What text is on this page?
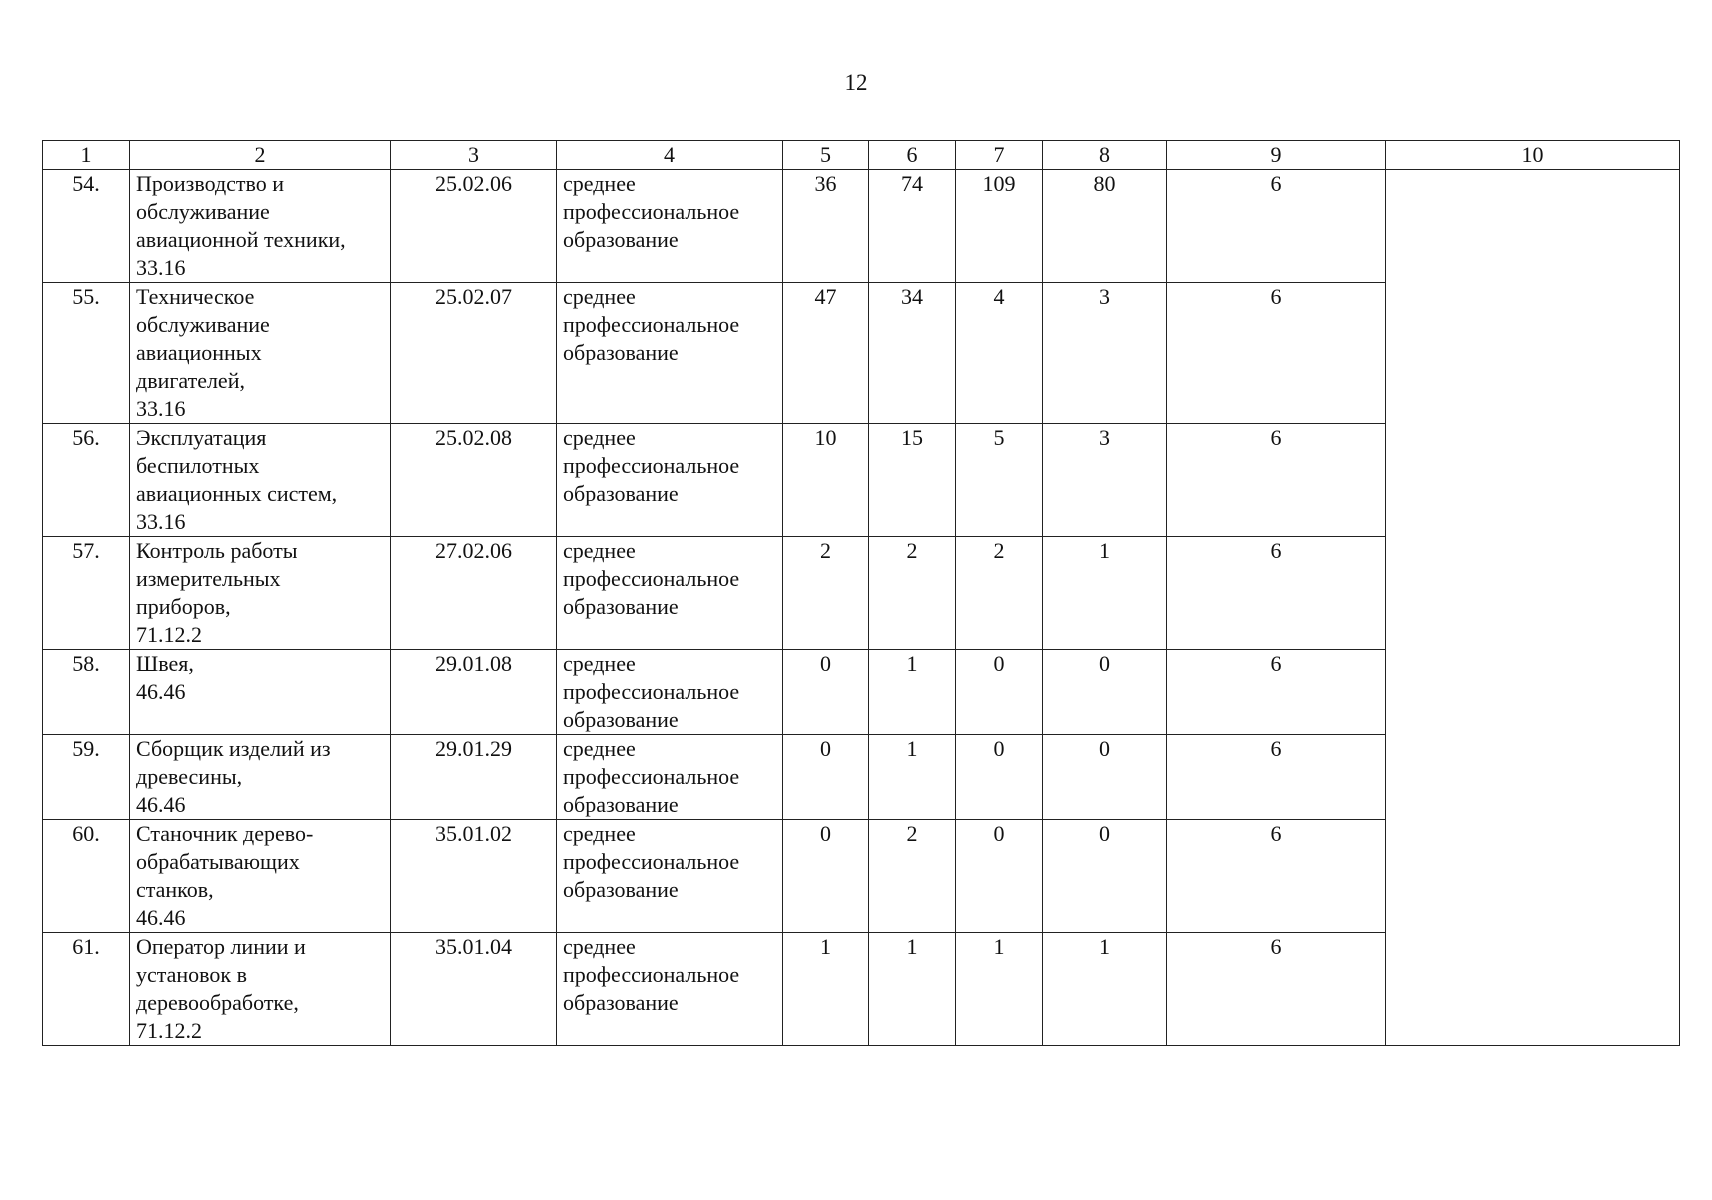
12
1	2	3	4	5	6	7	8	9	10
54.	Производство и
обслуживание
авиационной техники,
33.16	25.02.06	среднее
профессиональное
образование	36	74	109	80	6	
55.	Техническое
обслуживание
авиационных
двигателей,
33.16	25.02.07	среднее
профессиональное
образование	47	34	4	3	6	
56.	Эксплуатация
беспилотных
авиационных систем,
33.16	25.02.08	среднее
профессиональное
образование	10	15	5	3	6	
57.	Контроль работы
измерительных
приборов,
71.12.2	27.02.06	среднее
профессиональное
образование	2	2	2	1	6	
58.	Швея,
46.46	29.01.08	среднее
профессиональное
образование	0	1	0	0	6	
59.	Сборщик изделий из
древесины,
46.46	29.01.29	среднее
профессиональное
образование	0	1	0	0	6	
60.	Станочник дерево-
обрабатывающих
станков,
46.46	35.01.02	среднее
профессиональное
образование	0	2	0	0	6	
61.	Оператор линии и
установок в
деревообработке,
71.12.2	35.01.04	среднее
профессиональное
образование	1	1	1	1	6	
